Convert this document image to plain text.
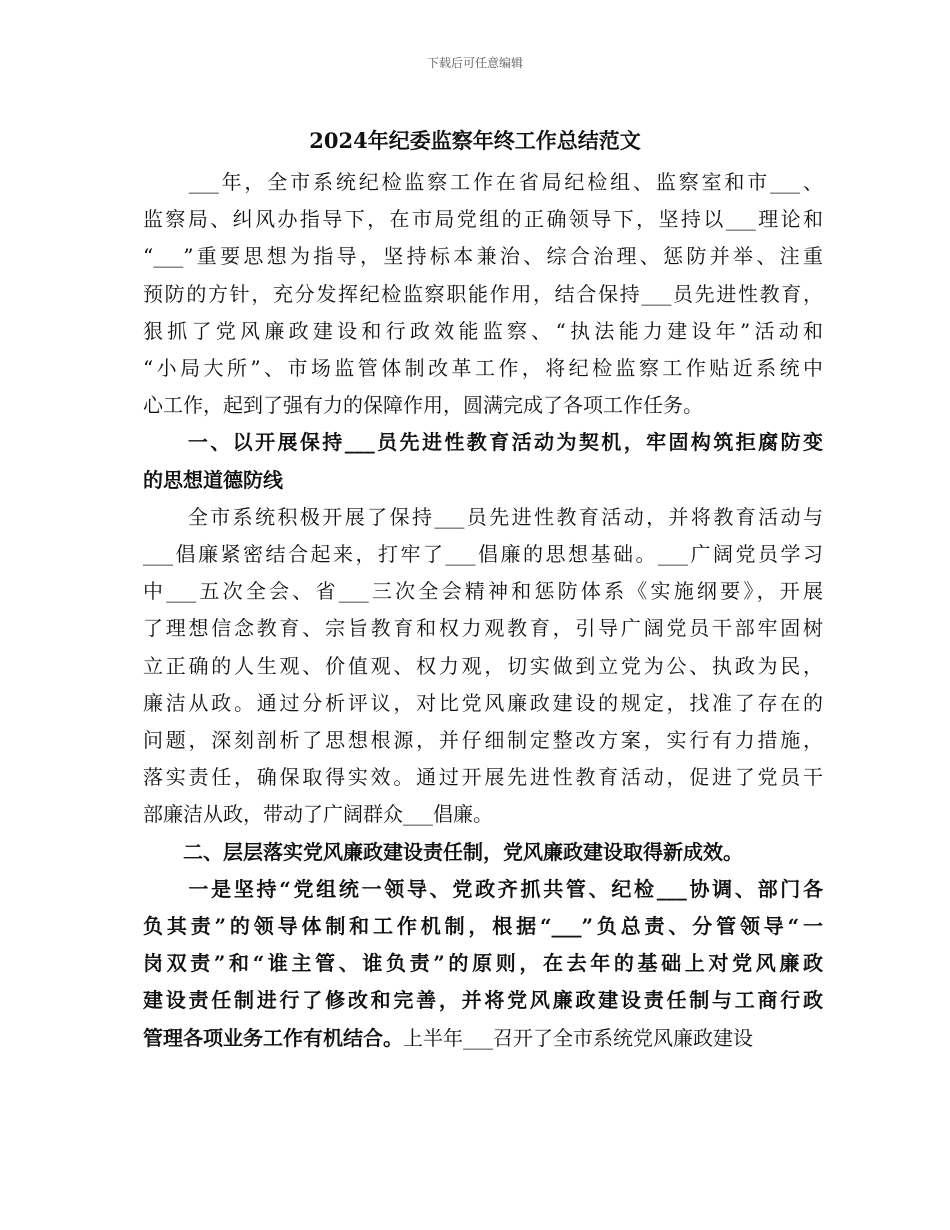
下载后可任意编辑
2024年纪委监察年终工作总结范文
　　___年，全市系统纪检监察工作在省局纪检组、监察室和市___、
监察局、纠风办指导下，在市局党组的正确领导下，坚持以___理论和
“___”重要思想为指导，坚持标本兼治、综合治理、惩防并举、注重
预防的方针，充分发挥纪检监察职能作用，结合保持___员先进性教育，
狠抓了党风廉政建设和行政效能监察、“执法能力建设年”活动和
“小局大所”、市场监管体制改革工作，将纪检监察工作贴近系统中
心工作，起到了强有力的保障作用，圆满完成了各项工作任务。
　　一、以开展保持___员先进性教育活动为契机，牢固构筑拒腐防变
的思想道德防线
　　全市系统积极开展了保持___员先进性教育活动，并将教育活动与
___倡廉紧密结合起来，打牢了___倡廉的思想基础。___广阔党员学习
中___五次全会、省___三次全会精神和惩防体系《实施纲要》，开展
了理想信念教育、宗旨教育和权力观教育，引导广阔党员干部牢固树
立正确的人生观、价值观、权力观，切实做到立党为公、执政为民，
廉洁从政。通过分析评议，对比党风廉政建设的规定，找准了存在的
问题，深刻剖析了思想根源，并仔细制定整改方案，实行有力措施，
落实责任，确保取得实效。通过开展先进性教育活动，促进了党员干
部廉洁从政，带动了广阔群众___倡廉。
　　二、层层落实党风廉政建设责任制，党风廉政建设取得新成效。
　　一是坚持“党组统一领导、党政齐抓共管、纪检___协调、部门各
负其责”的领导体制和工作机制，根据“___”负总责、分管领导“一
岗双责”和“谁主管、谁负责”的原则，在去年的基础上对党风廉政
建设责任制进行了修改和完善，并将党风廉政建设责任制与工商行政
管理各项业务工作有机结合。上半年___召开了全市系统党风廉政建设
